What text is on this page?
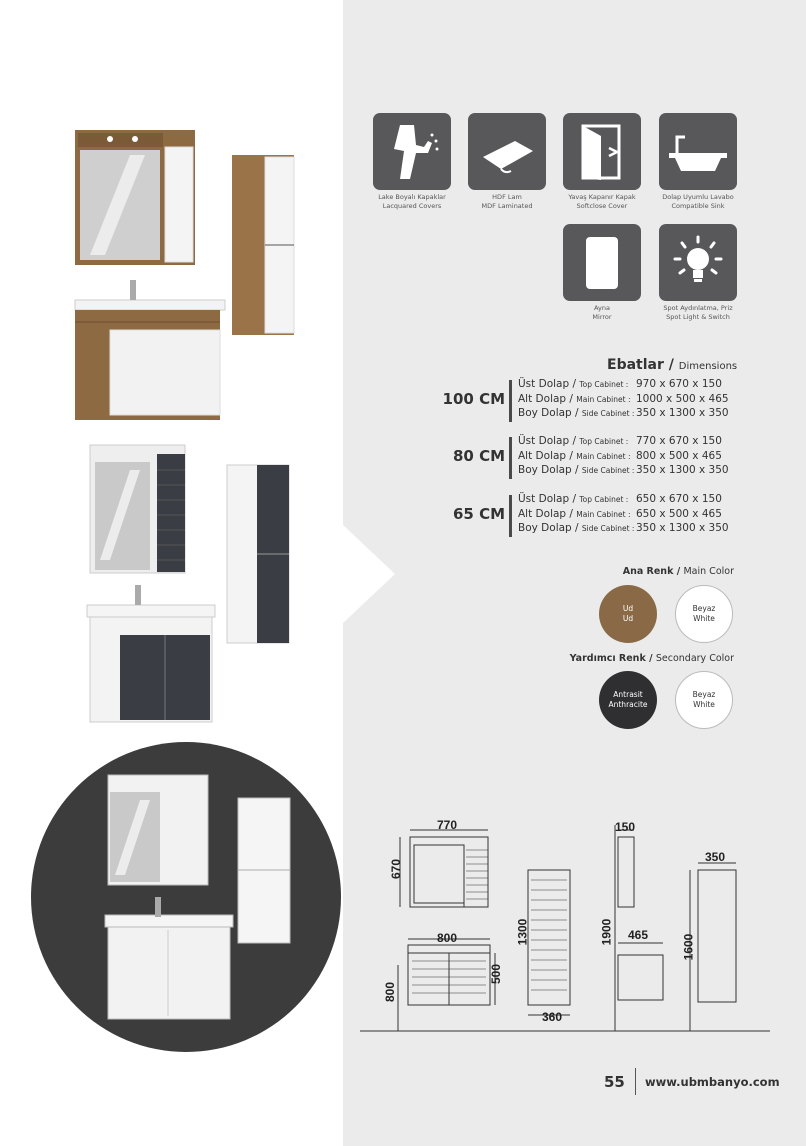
Lake Boyalı Kapaklar
Lacquared Covers
HDF Lam
MDF Laminated
Yavaş Kapanır Kapak
Softclose Cover
Dolap Uyumlu Lavabo
Compatible Sink
Ayna
Mirror
Spot Aydınlatma, Priz
Spot Light & Switch
Ebatlar / Dimensions
100 CM
Üst Dolap / Top Cabinet : 970 x 670 x 150
Alt Dolap / Main Cabinet : 1000 x 500 x 465
Boy Dolap / Side Cabinet : 350 x 1300 x 350
80 CM
Üst Dolap / Top Cabinet : 770 x 670 x 150
Alt Dolap / Main Cabinet : 800 x 500 x 465
Boy Dolap / Side Cabinet : 350 x 1300 x 350
65 CM
Üst Dolap / Top Cabinet : 650 x 670 x 150
Alt Dolap / Main Cabinet : 650 x 500 x 465
Boy Dolap / Side Cabinet : 350 x 1300 x 350
Ana Renk / Main Color
Ud
Ud
Beyaz
White
Yardımcı Renk / Secondary Color
Antrasit
Anthracite
Beyaz
White
770
670
800
500
800
1300
360
150
1900 465
350
1600
55 www.ubmbanyo.com
